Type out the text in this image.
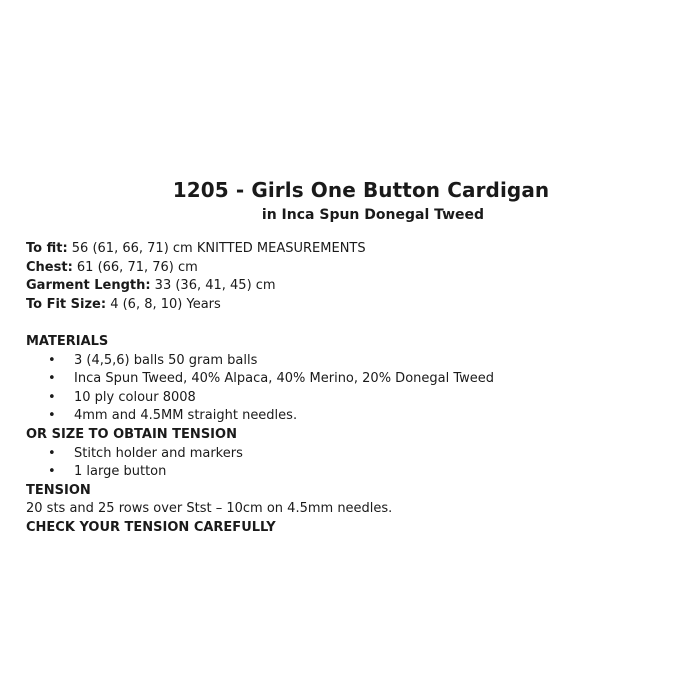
1205 - Girls One Button Cardigan
in Inca Spun Donegal Tweed
To fit: 56 (61, 66, 71) cm KNITTED MEASUREMENTS
Chest: 61 (66, 71, 76) cm
Garment Length: 33 (36, 41, 45) cm
To Fit Size: 4 (6, 8, 10) Years
MATERIALS
• 3 (4,5,6) balls 50 gram balls
• Inca Spun Tweed, 40% Alpaca, 40% Merino, 20% Donegal Tweed
• 10 ply colour 8008
• 4mm and 4.5MM straight needles.
OR SIZE TO OBTAIN TENSION
• Stitch holder and markers
• 1 large button
TENSION
20 sts and 25 rows over Stst – 10cm on 4.5mm needles.
CHECK YOUR TENSION CAREFULLY
